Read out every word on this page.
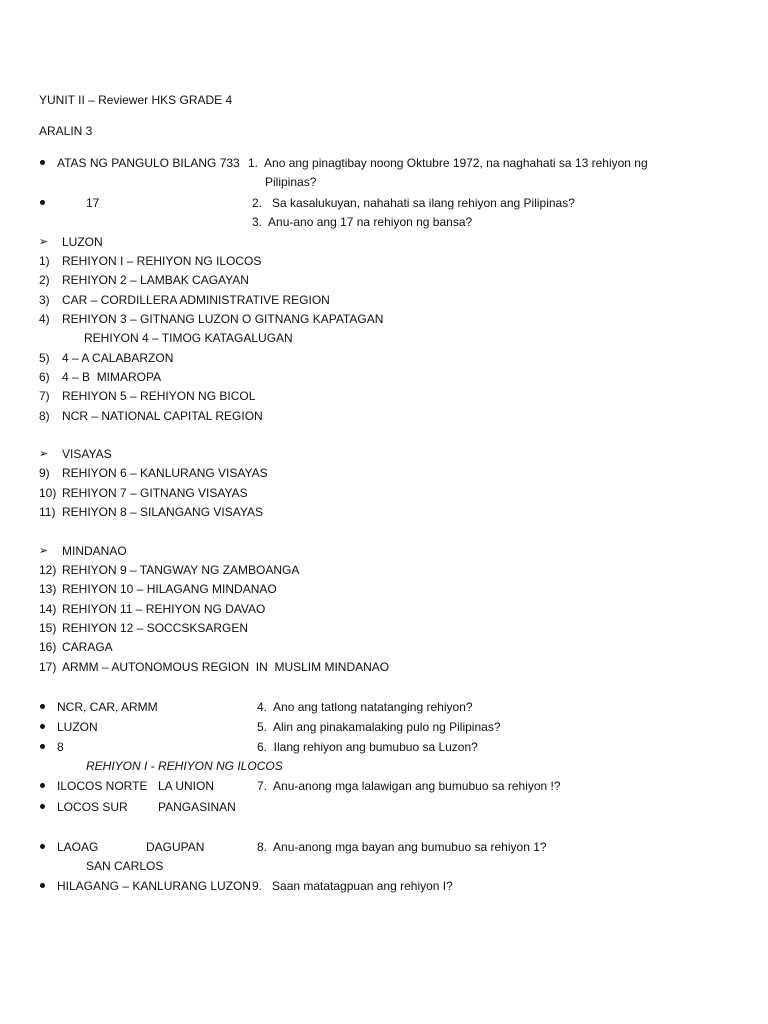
YUNIT II – Reviewer HKS GRADE 4
ARALIN 3
ATAS NG PANGULO BILANG 733 1.  Ano ang pinagtibay noong Oktubre 1972, na naghahati sa 13 rehiyon ng
Pilipinas?
17	2.   Sa kasalukuyan, nahahati sa ilang rehiyon ang Pilipinas?
3.  Anu-ano ang 17 na rehiyon ng bansa?
➢ LUZON
1) REHIYON I – REHIYON NG ILOCOS
2) REHIYON 2 – LAMBAK CAGAYAN
3) CAR – CORDILLERA ADMINISTRATIVE REGION
4) REHIYON 3 – GITNANG LUZON O GITNANG KAPATAGAN
REHIYON 4 – TIMOG KATAGALUGAN
5) 4 – A CALABARZON
6) 4 – B  MIMAROPA
7) REHIYON 5 – REHIYON NG BICOL
8) NCR – NATIONAL CAPITAL REGION
➢ VISAYAS
9) REHIYON 6 – KANLURANG VISAYAS
10) REHIYON 7 – GITNANG VISAYAS
11) REHIYON 8 – SILANGANG VISAYAS
➢ MINDANAO
12) REHIYON 9 – TANGWAY NG ZAMBOANGA
13) REHIYON 10 – HILAGANG MINDANAO
14) REHIYON 11 – REHIYON NG DAVAO
15) REHIYON 12 – SOCCSKSARGEN
16) CARAGA
17) ARMM – AUTONOMOUS REGION  IN  MUSLIM MINDANAO
NCR, CAR, ARMM	4.  Ano ang tatlong natatanging rehiyon?
LUZON	5.  Alin ang pinakamalaking pulo ng Pilipinas?
8	6.  Ilang rehiyon ang bumubuo sa Luzon?
REHIYON I - REHIYON NG ILOCOS
ILOCOS NORTE LA UNION	7.  Anu-anong mga lalawigan ang bumubuo sa rehiyon !?
LOCOS SUR	PANGASINAN
LAOAG	DAGUPAN	8.  Anu-anong mga bayan ang bumubuo sa rehiyon 1?
SAN CARLOS
HILAGANG – KANLURANG LUZON 9.   Saan matatagpuan ang rehiyon I?
